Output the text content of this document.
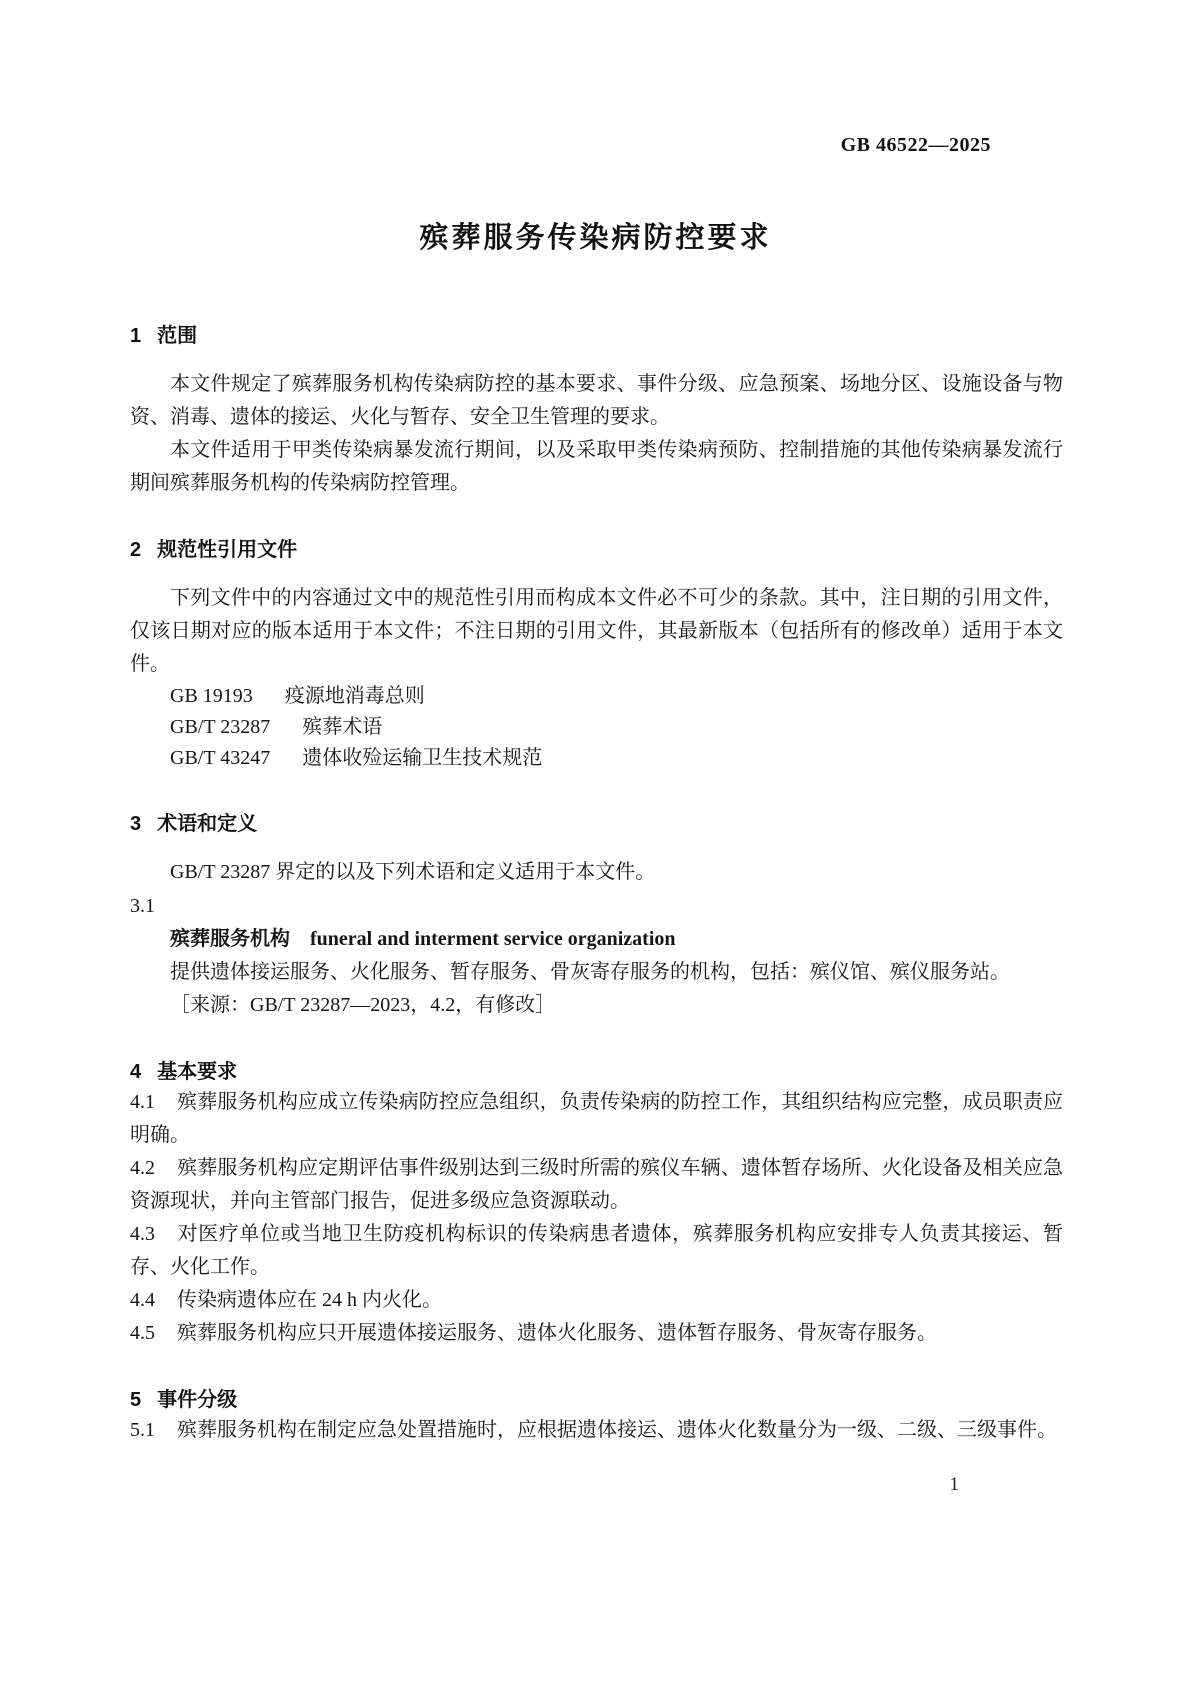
GB 46522—2025
殡葬服务传染病防控要求
1 范围

本文件规定了殡葬服务机构传染病防控的基本要求、事件分级、应急预案、场地分区、设施设备与物资、消毒、遗体的接运、火化与暂存、安全卫生管理的要求。

本文件适用于甲类传染病暴发流行期间，以及采取甲类传染病预防、控制措施的其他传染病暴发流行期间殡葬服务机构的传染病防控管理。

2 规范性引用文件

下列文件中的内容通过文中的规范性引用而构成本文件必不可少的条款。其中，注日期的引用文件，仅该日期对应的版本适用于本文件；不注日期的引用文件，其最新版本（包括所有的修改单）适用于本文件。

GB 19193 疫源地消毒总则

GB/T 23287 殡葬术语

GB/T 43247 遗体收殓运输卫生技术规范

3 术语和定义

GB/T 23287 界定的以及下列术语和定义适用于本文件。

3.1

殡葬服务机构 funeral and interment service organization

提供遗体接运服务、火化服务、暂存服务、骨灰寄存服务的机构，包括：殡仪馆、殡仪服务站。

［来源：GB/T 23287—2023，4.2，有修改］

4 基本要求

4.1 殡葬服务机构应成立传染病防控应急组织，负责传染病的防控工作，其组织结构应完整，成员职责应明确。

4.2 殡葬服务机构应定期评估事件级别达到三级时所需的殡仪车辆、遗体暂存场所、火化设备及相关应急资源现状，并向主管部门报告，促进多级应急资源联动。

4.3 对医疗单位或当地卫生防疫机构标识的传染病患者遗体，殡葬服务机构应安排专人负责其接运、暂存、火化工作。

4.4 传染病遗体应在 24 h 内火化。

4.5 殡葬服务机构应只开展遗体接运服务、遗体火化服务、遗体暂存服务、骨灰寄存服务。

5 事件分级

5.1 殡葬服务机构在制定应急处置措施时，应根据遗体接运、遗体火化数量分为一级、二级、三级事件。

1
